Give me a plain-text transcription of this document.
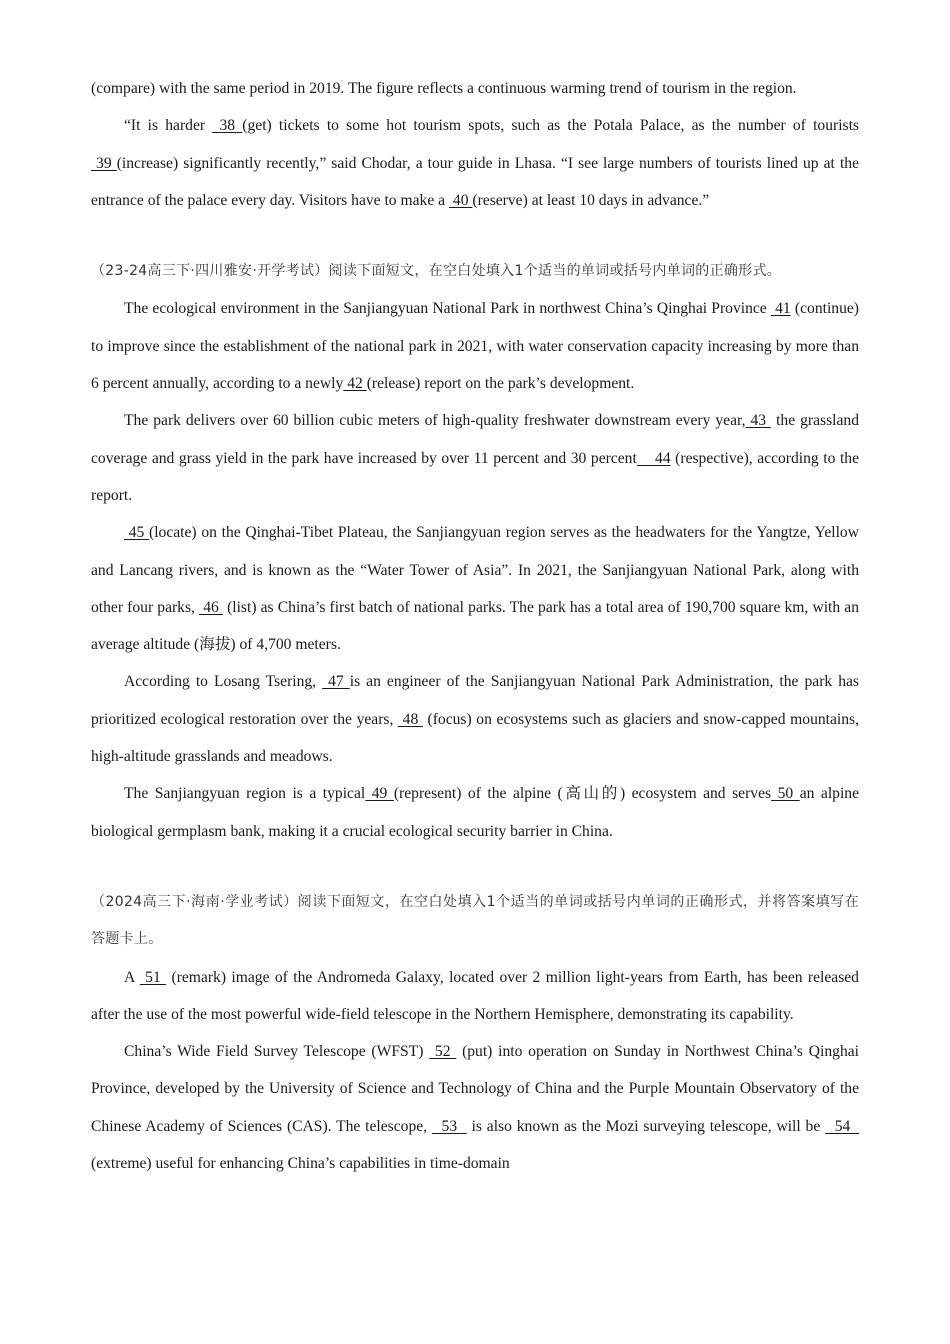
(compare) with the same period in 2019. The figure reflects a continuous warming trend of tourism in the region.

“It is harder  38 (get) tickets to some hot tourism spots, such as the Potala Palace, as the number of tourists  39 (increase) significantly recently,” said Chodar, a tour guide in Lhasa. “I see large numbers of tourists lined up at the entrance of the palace every day. Visitors have to make a  40 (reserve) at least 10 days in advance.”

（23-24高三下·四川雅安·开学考试）阅读下面短文，在空白处填入1个适当的单词或括号内单词的正确形式。

The ecological environment in the Sanjiangyuan National Park in northwest China’s Qinghai Province  41 (continue) to improve since the establishment of the national park in 2021, with water conservation capacity increasing by more than 6 percent annually, according to a newly 42 (release) report on the park’s development.

The park delivers over 60 billion cubic meters of high-quality freshwater downstream every year, 43  the grassland coverage and grass yield in the park have increased by over 11 percent and 30 percent    44 (respective), according to the report.

45 (locate) on the Qinghai-Tibet Plateau, the Sanjiangyuan region serves as the headwaters for the Yangtze, Yellow and Lancang rivers, and is known as the “Water Tower of Asia”. In 2021, the Sanjiangyuan National Park, along with other four parks,  46  (list) as China’s first batch of national parks. The park has a total area of 190,700 square km, with an average altitude (海拔) of 4,700 meters.

According to Losang Tsering,  47 is an engineer of the Sanjiangyuan National Park Administration, the park has prioritized ecological restoration over the years,  48  (focus) on ecosystems such as glaciers and snow-capped mountains, high-altitude grasslands and meadows.

The Sanjiangyuan region is a typical 49 (represent) of the alpine (高山的) ecosystem and serves 50 an alpine biological germplasm bank, making it a crucial ecological security barrier in China.

（2024高三下·海南·学业考试）阅读下面短文，在空白处填入1个适当的单词或括号内单词的正确形式，并将答案填写在答题卡上。

A  51  (remark) image of the Andromeda Galaxy, located over 2 million light-years from Earth, has been released after the use of the most powerful wide-field telescope in the Northern Hemisphere, demonstrating its capability.

China’s Wide Field Survey Telescope (WFST)  52  (put) into operation on Sunday in Northwest China’s Qinghai Province, developed by the University of Science and Technology of China and the Purple Mountain Observatory of the Chinese Academy of Sciences (CAS). The telescope,   53   is also known as the Mozi surveying telescope, will be   54   (extreme) useful for enhancing China’s capabilities in time-domain
